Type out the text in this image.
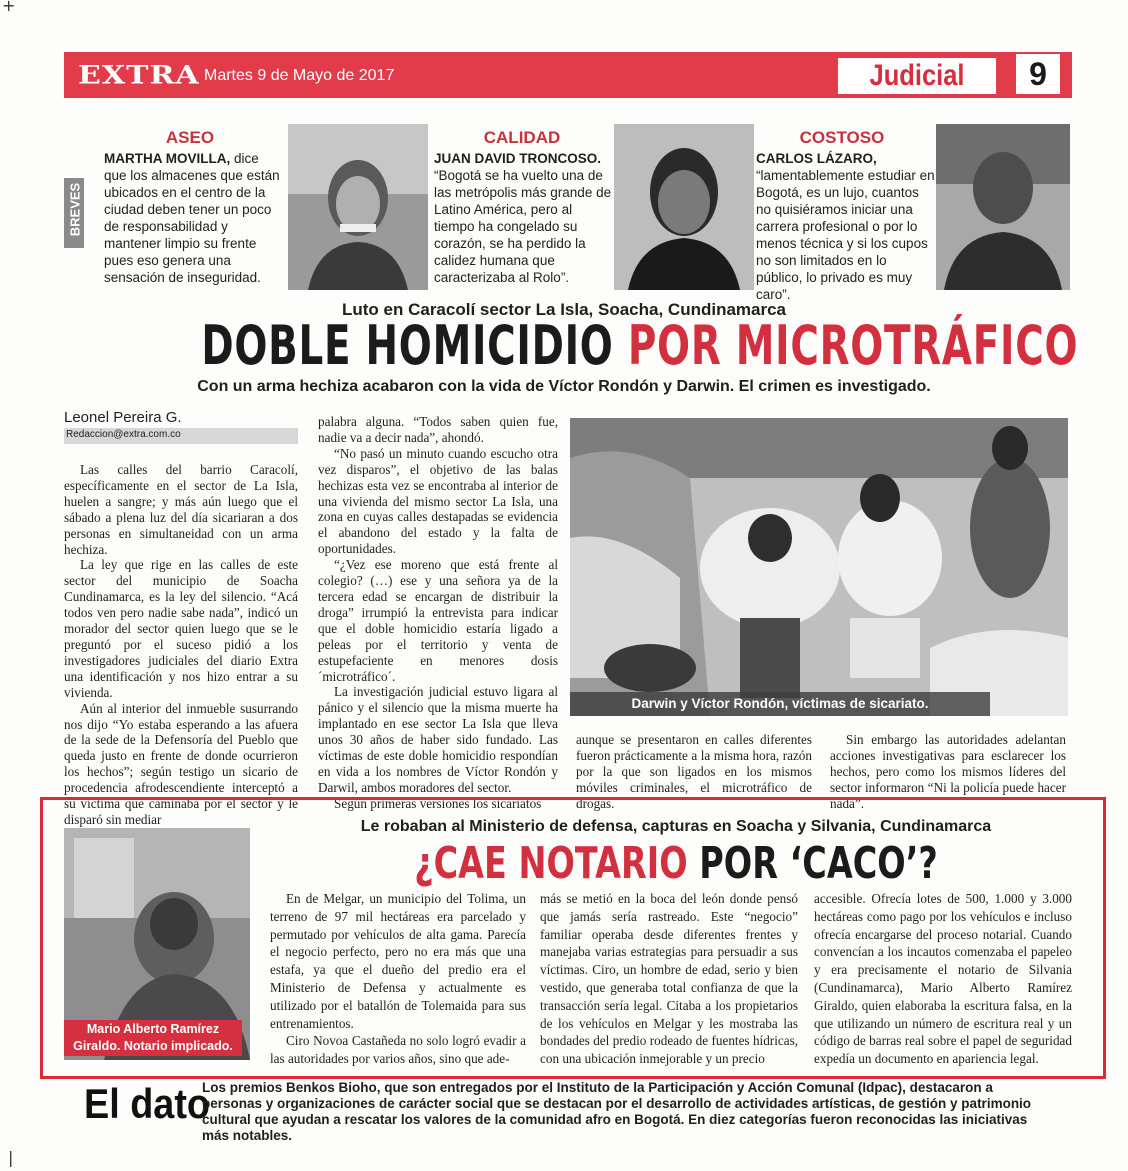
+
EXTRA Martes 9 de Mayo de 2017	Judicial	9
BREVES
ASEO
MARTHA MOVILLA, dice que los almacenes que están ubicados en el centro de la ciudad deben tener un poco de responsabilidad y mantener limpio su frente pues eso genera una sensación de inseguridad.
CALIDAD
JUAN DAVID TRONCOSO. “Bogotá se ha vuelto una de las metrópolis más grande de Latino América, pero al tiempo ha congelado su corazón, se ha perdido la calidez humana que caracterizaba al Rolo”.
COSTOSO
CARLOS LÁZARO, “lamentablemente estudiar en Bogotá, es un lujo, cuantos no quisiéramos iniciar una carrera profesional o por lo menos técnica y si los cupos no son limitados en lo público, lo privado es muy caro”.
Luto en Caracolí sector La Isla, Soacha, Cundinamarca
DOBLE HOMICIDIO POR MICROTRÁFICO
Con un arma hechiza acabaron con la vida de Víctor Rondón y Darwin. El crimen es investigado.
Leonel Pereira G.
Redaccion@extra.com.co

Las calles del barrio Caracolí, específicamente en el sector de La Isla, huelen a sangre; y más aún luego que el sábado a plena luz del día sicariaran a dos personas en simultaneidad con un arma hechiza.

La ley que rige en las calles de este sector del municipio de Soacha Cundinamarca, es la ley del silencio. “Acá todos ven pero nadie sabe nada”, indicó un morador del sector quien luego que se le preguntó por el suceso pidió a los investigadores judiciales del diario Extra una identificación y nos hizo entrar a su vivienda.

Aún al interior del inmueble susurrando nos dijo “Yo estaba esperando a las afuera de la sede de la Defensoría del Pueblo que queda justo en frente de donde ocurrieron los hechos”; según testigo un sicario de procedencia afrodescendiente interceptó a su víctima que caminaba por el sector y le disparó sin mediar

palabra alguna. “Todos saben quien fue, nadie va a decir nada”, ahondó.

“No pasó un minuto cuando escucho otra vez disparos”, el objetivo de las balas hechizas esta vez se encontraba al interior de una vivienda del mismo sector La Isla, una zona en cuyas calles destapadas se evidencia el abandono del estado y la falta de oportunidades.

“¿Vez ese moreno que está frente al colegio? (…) ese y una señora ya de la tercera edad se encargan de distribuir la droga” irrumpió la entrevista para indicar que el doble homicidio estaría ligado a peleas por el territorio y venta de estupefaciente en menores dosis ´microtráfico´.

La investigación judicial estuvo ligara al pánico y el silencio que la misma muerte ha implantado en ese sector La Isla que lleva unos 30 años de haber sido fundado. Las víctimas de este doble homicidio respondían en vida a los nombres de Víctor Rondón y Darwil, ambos moradores del sector.

Según primeras versiones los sicariatos

Darwin y Víctor Rondón, víctimas de sicariato.

aunque se presentaron en calles diferentes fueron prácticamente a la misma hora, razón por la que son ligados en los mismos móviles criminales, el microtráfico de drogas.

Sin embargo las autoridades adelantan acciones investigativas para esclarecer los hechos, pero como los mismos líderes del sector informaron “Ni la policía puede hacer nada”.

Le robaban al Ministerio de defensa, capturas en Soacha y Silvania, Cundinamarca
¿CAE NOTARIO POR ‘CACO’?
Mario Alberto Ramírez Giraldo. Notario implicado.

En de Melgar, un municipio del Tolima, un terreno de 97 mil hectáreas era parcelado y permutado por vehículos de alta gama. Parecía el negocio perfecto, pero no era más que una estafa, ya que el dueño del predio era el Ministerio de Defensa y actualmente es utilizado por el batallón de Tolemaida para sus entrenamientos.

Ciro Novoa Castañeda no solo logró evadir a las autoridades por varios años, sino que ade-

más se metió en la boca del león donde pensó que jamás sería rastreado. Este “negocio” familiar operaba desde diferentes frentes y manejaba varias estrategias para persuadir a sus víctimas. Ciro, un hombre de edad, serio y bien vestido, que generaba total confianza de que la transacción sería legal. Citaba a los propietarios de los vehículos en Melgar y les mostraba las bondades del predio rodeado de fuentes hídricas, con una ubicación inmejorable y un precio

accesible. Ofrecía lotes de 500, 1.000 y 3.000 hectáreas como pago por los vehículos e incluso ofrecía encargarse del proceso notarial. Cuando convencían a los incautos comenzaba el papeleo y era precisamente el notario de Silvania (Cundinamarca), Mario Alberto Ramírez Giraldo, quien elaboraba la escritura falsa, en la que utilizando un número de escritura real y un código de barras real sobre el papel de seguridad expedía un documento en apariencia legal.

El dato
Los premios Benkos Bioho, que son entregados por el Instituto de la Participación y Acción Comunal (Idpac), destacaron a personas y organizaciones de carácter social que se destacan por el desarrollo de actividades artísticas, de gestión y patrimonio cultural que ayudan a rescatar los valores de la comunidad afro en Bogotá. En diez categorías fueron reconocidas las iniciativas más notables.
|
